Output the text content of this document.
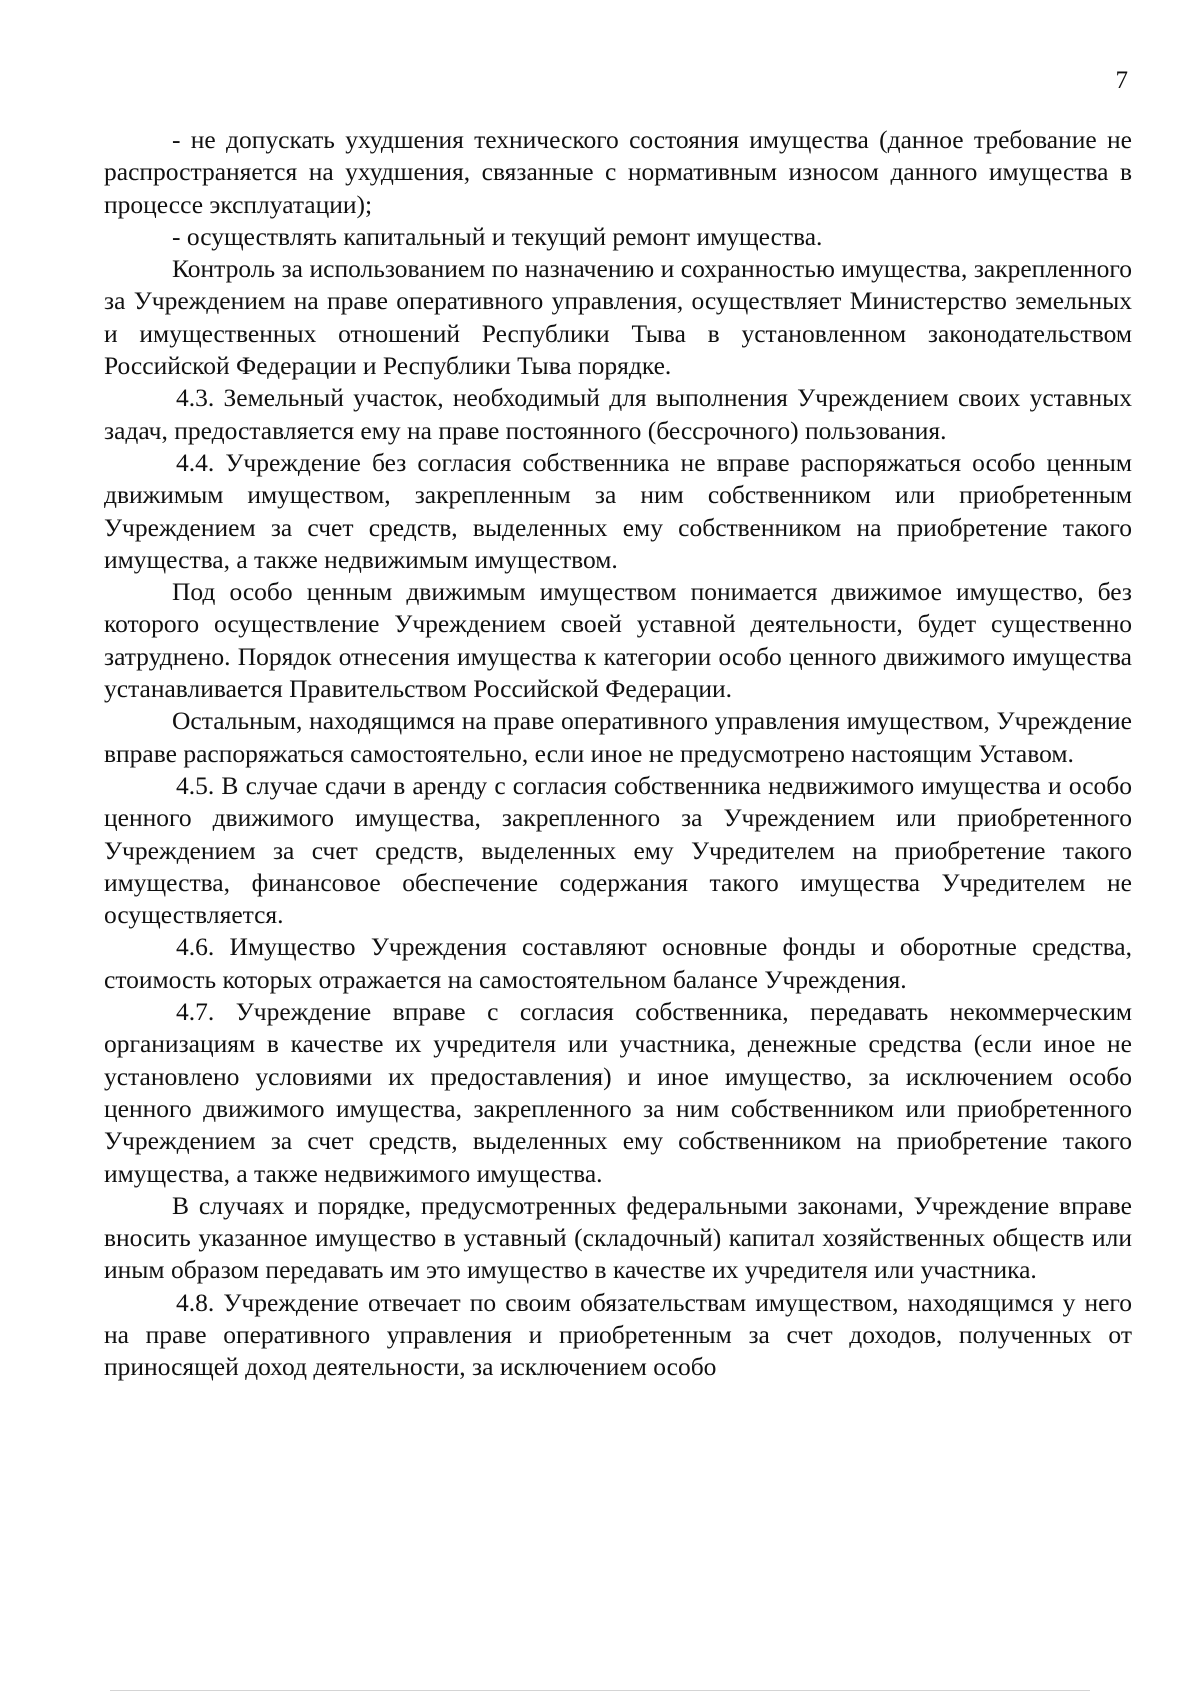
7

- не допускать ухудшения технического состояния имущества (данное требование не распространяется на ухудшения, связанные с нормативным износом данного имущества в процессе эксплуатации);

- осуществлять капитальный и текущий ремонт имущества.

Контроль за использованием по назначению и сохранностью имущества, закрепленного за Учреждением на праве оперативного управления, осуществляет Министерство земельных и имущественных отношений Республики Тыва в установленном законодательством Российской Федерации и Республики Тыва порядке.

4.3. Земельный участок, необходимый для выполнения Учреждением своих уставных задач, предоставляется ему на праве постоянного (бессрочного) пользования.

4.4. Учреждение без согласия собственника не вправе распоряжаться особо ценным движимым имуществом, закрепленным за ним собственником или приобретенным Учреждением за счет средств, выделенных ему собственником на приобретение такого имущества, а также недвижимым имуществом.

Под особо ценным движимым имуществом понимается движимое имущество, без которого осуществление Учреждением своей уставной деятельности, будет существенно затруднено. Порядок отнесения имущества к категории особо ценного движимого имущества устанавливается Правительством Российской Федерации.

Остальным, находящимся на праве оперативного управления имуществом, Учреждение вправе распоряжаться самостоятельно, если иное не предусмотрено настоящим Уставом.

4.5. В случае сдачи в аренду с согласия собственника недвижимого имущества и особо ценного движимого имущества, закрепленного за Учреждением или приобретенного Учреждением за счет средств, выделенных ему Учредителем на приобретение такого имущества, финансовое обеспечение содержания такого имущества Учредителем не осуществляется.

4.6. Имущество Учреждения составляют основные фонды и оборотные средства, стоимость которых отражается на самостоятельном балансе Учреждения.

4.7. Учреждение вправе с согласия собственника, передавать некоммерческим организациям в качестве их учредителя или участника, денежные средства (если иное не установлено условиями их предоставления) и иное имущество, за исключением особо ценного движимого имущества, закрепленного за ним собственником или приобретенного Учреждением за счет средств, выделенных ему собственником на приобретение такого имущества, а также недвижимого имущества.

В случаях и порядке, предусмотренных федеральными законами, Учреждение вправе вносить указанное имущество в уставный (складочный) капитал хозяйственных обществ или иным образом передавать им это имущество в качестве их учредителя или участника.

4.8. Учреждение отвечает по своим обязательствам имуществом, находящимся у него на праве оперативного управления и приобретенным за счет доходов, полученных от приносящей доход деятельности, за исключением особо
